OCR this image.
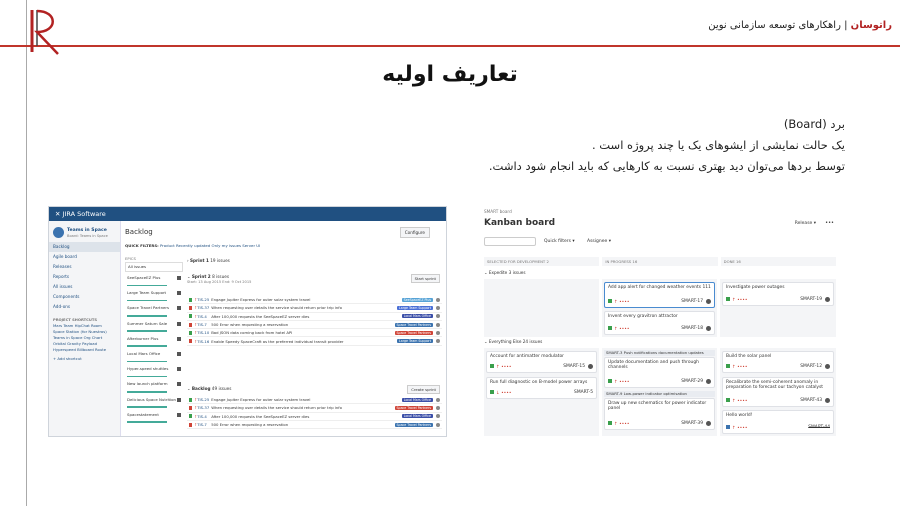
راتوسان | راهکارهای توسعه سازمانی نوین
تعاریف اولیه
برد (Board)
یک حالت نمایشی از ایشوهای یک یا چند پروژه است .
توسط بردها می‌توان دید بهتری نسبت به کارهایی که باید انجام شود داشت.
✕ JIRA Software
Teams in Space
Board: Teams in Space
Backlog
Agile board
Releases
Reports
All issues
Components
Add-ons
PROJECT SHORTCUTS
Mars Team HipChat Room
Space Station (for Nuestros)
Teams in Space Org Chart
Orbital Gravity Payload
Hyperspeed Billboard Route
+ Add shortcut
Backlog	Configure
QUICK FILTERS: Product Recently updated Only my issues Server UI
EPICS
All issues
SeeSpaceEZ Plus
Large Team Support
Space Travel Partners
Summer Saturn Sale
Afterburner Plus
Local Mars Office
Hyper-speed shuttles
New launch platform
Delicious Space Nutrition
Spacestatement
› Sprint 1 19 issues
⌄ Sprint 2 8 issues	Start sprint
Start: 13 Aug 2015 End: 9 Oct 2015
↑ TIS-25 Engage Jupiter Express for outer solar system travel	SeeSpaceEZ Plus
↑ TIS-37 When requesting user details the service should return prior trip info	Large Team Support
↑ TIS-4	After 100,000 requests the SeeSpaceEZ server dies	Local Mars Office
↑ TIS-7	500 Error when requesting a reservation	Space Travel Partners
↑ TIS-10 Bad JSON data coming back from hotel API	Space Travel Partners
↑ TIS-16 Enable Speedy SpaceCraft as the preferred individual transit provider	Large Team Support
⌄ Backlog 49 issues	Create sprint
↑ TIS-25 Engage Jupiter Express for outer solar system travel	Local Mars Office
↑ TIS-37 When requesting user details the service should return prior trip info	Space Travel Partners
↑ TIS-4	After 100,000 requests the SeeSpaceEZ server dies	Local Mars Office
↑ TIS-7	500 Error when requesting a reservation	Space Travel Partners
SMART board
Kanban board	Release ▾ •••
Quick filters ▾	Assignee ▾
SELECTED FOR DEVELOPMENT 2	IN PROGRESS 16	DONE 16
⌄ Expedite 3 issues
⌄ Everything Else 24 issues
Add app alert for changed weather events 111
↑ ••••	SMART-17
Invent every gravitron attractor
↑ ••••	SMART-18
Investigate power outages
↑ ••••	SMART-19
Account for antimatter modulator
↑ ••••	SMART-15
Run full diagnostic on B-model power arrays
↓ ••••	SMART-5
SMART-3 Push notifications documentation updates
Update documentation and push through channels
↑ ••••	SMART-29
SMART-9 Low-power indicator optimisation
Draw up new schematics for power indicator panel
↑ ••••	SMART-39
Build the solar panel
↑ ••••	SMART-12
Recalibrate the semi-coherent anomaly in preparation to forecast our tachyon catalyst
↑ ••••	SMART-43
Hello world!
↑ ••••	SMART-44
